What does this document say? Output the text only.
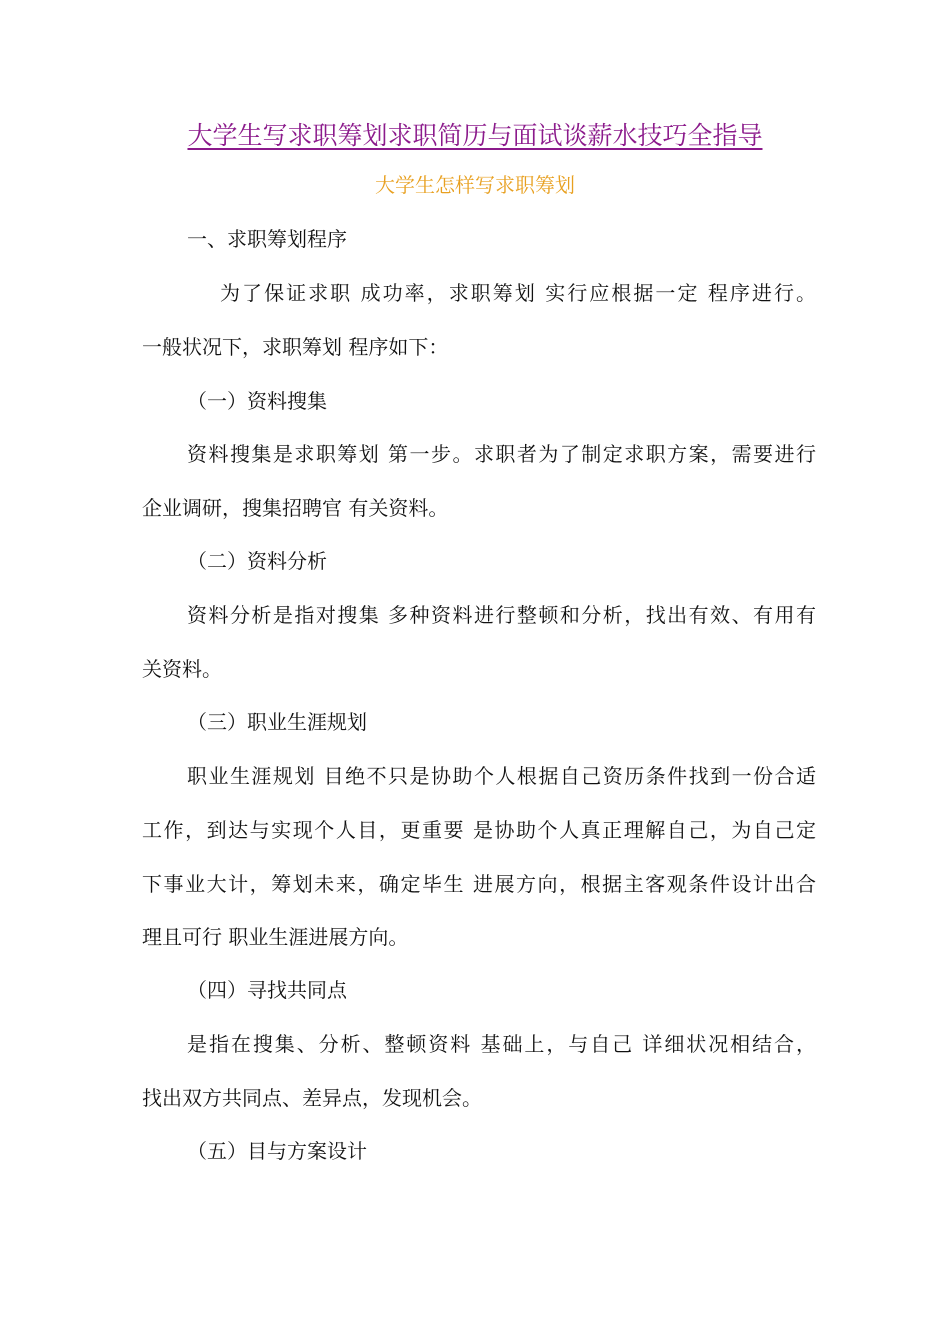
大学生写求职筹划求职简历与面试谈薪水技巧全指导
大学生怎样写求职筹划
一、求职筹划程序
为了保证求职 成功率，求职筹划 实行应根据一定 程序进行。
一般状况下，求职筹划 程序如下：
（一）资料搜集
资料搜集是求职筹划 第一步。求职者为了制定求职方案，需要进行
企业调研，搜集招聘官 有关资料。
（二）资料分析
资料分析是指对搜集 多种资料进行整顿和分析，找出有效、有用有
关资料。
（三）职业生涯规划
职业生涯规划 目绝不只是协助个人根据自己资历条件找到一份合适
工作，到达与实现个人目，更重要 是协助个人真正理解自己，为自己定
下事业大计，筹划未来，确定毕生 进展方向，根据主客观条件设计出合
理且可行 职业生涯进展方向。
（四）寻找共同点
是指在搜集、分析、整顿资料 基础上，与自己 详细状况相结合，
找出双方共同点、差异点，发现机会。
（五）目与方案设计
